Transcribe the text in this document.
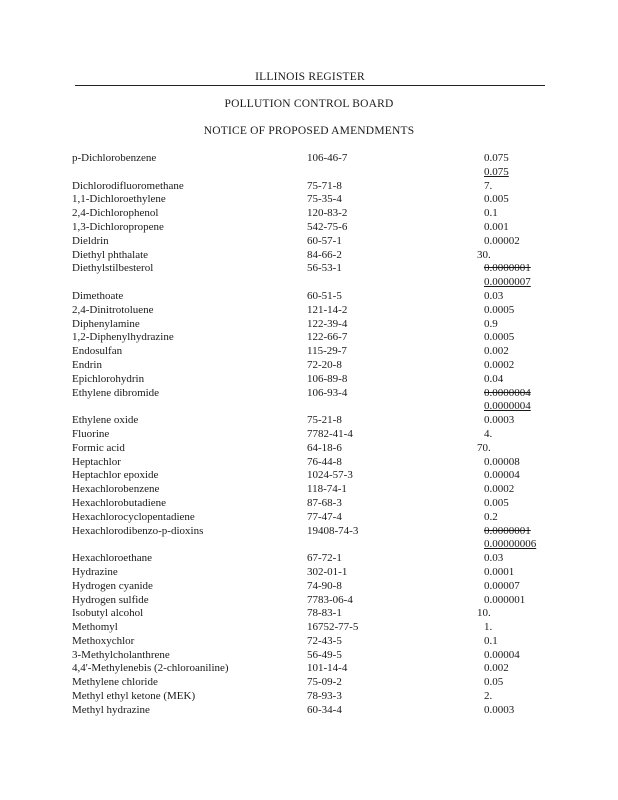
ILLINOIS REGISTER
POLLUTION CONTROL BOARD
NOTICE OF PROPOSED AMENDMENTS
p-Dichlorobenzene	106-46-7	0.075
0.075
Dichlorodifluoromethane	75-71-8	7.
1,1-Dichloroethylene	75-35-4	0.005
2,4-Dichlorophenol	120-83-2	0.1
1,3-Dichloropropene	542-75-6	0.001
Dieldrin	60-57-1	0.00002
Diethyl phthalate	84-66-2	30.
Diethylstilbesterol	56-53-1	0.0000001
0.0000007
Dimethoate	60-51-5	0.03
2,4-Dinitrotoluene	121-14-2	0.0005
Diphenylamine	122-39-4	0.9
1,2-Diphenylhydrazine	122-66-7	0.0005
Endosulfan	115-29-7	0.002
Endrin	72-20-8	0.0002
Epichlorohydrin	106-89-8	0.04
Ethylene dibromide	106-93-4	0.0000004
0.0000004
Ethylene oxide	75-21-8	0.0003
Fluorine	7782-41-4	4.
Formic acid	64-18-6	70.
Heptachlor	76-44-8	0.00008
Heptachlor epoxide	1024-57-3	0.00004
Hexachlorobenzene	118-74-1	0.0002
Hexachlorobutadiene	87-68-3	0.005
Hexachlorocyclopentadiene	77-47-4	0.2
Hexachlorodibenzo-p-dioxins	19408-74-3	0.0000001
0.00000006
Hexachloroethane	67-72-1	0.03
Hydrazine	302-01-1	0.0001
Hydrogen cyanide	74-90-8	0.00007
Hydrogen sulfide	7783-06-4	0.000001
Isobutyl alcohol	78-83-1	10.
Methomyl	16752-77-5	1.
Methoxychlor	72-43-5	0.1
3-Methylcholanthrene	56-49-5	0.00004
4,4'-Methylenebis (2-chloroaniline)	101-14-4	0.002
Methylene chloride	75-09-2	0.05
Methyl ethyl ketone (MEK)	78-93-3	2.
Methyl hydrazine	60-34-4	0.0003
